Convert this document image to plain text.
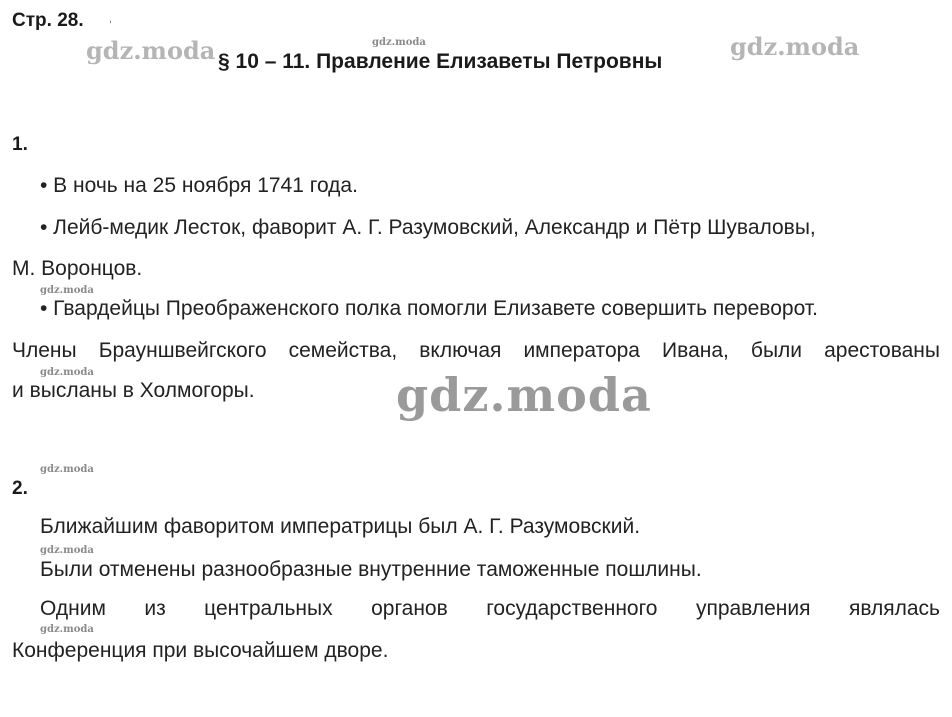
Стр. 28.	,
§ 10 – 11. Правление Елизаветы Петровны
gdz.moda	gdz.moda	gdz.moda
gdz.moda
gdz.moda	gdz.moda
gdz.moda
gdz.moda
gdz.moda
1.
• В ночь на 25 ноября 1741 года.
• Лейб-медик Лесток, фаворит А. Г. Разумовский, Александр и Пётр Шуваловы,
М. Воронцов.
• Гвардейцы Преображенского полка помогли Елизавете совершить переворот.
Члены Брауншвейгского семейства, включая императора Ивана, были арестованы
и высланы в Холмогоры.
2.
Ближайшим фаворитом императрицы был А. Г. Разумовский.
Были отменены разнообразные внутренние таможенные пошлины.
Одним из центральных органов государственного управления являлась
Конференция при высочайшем дворе.
